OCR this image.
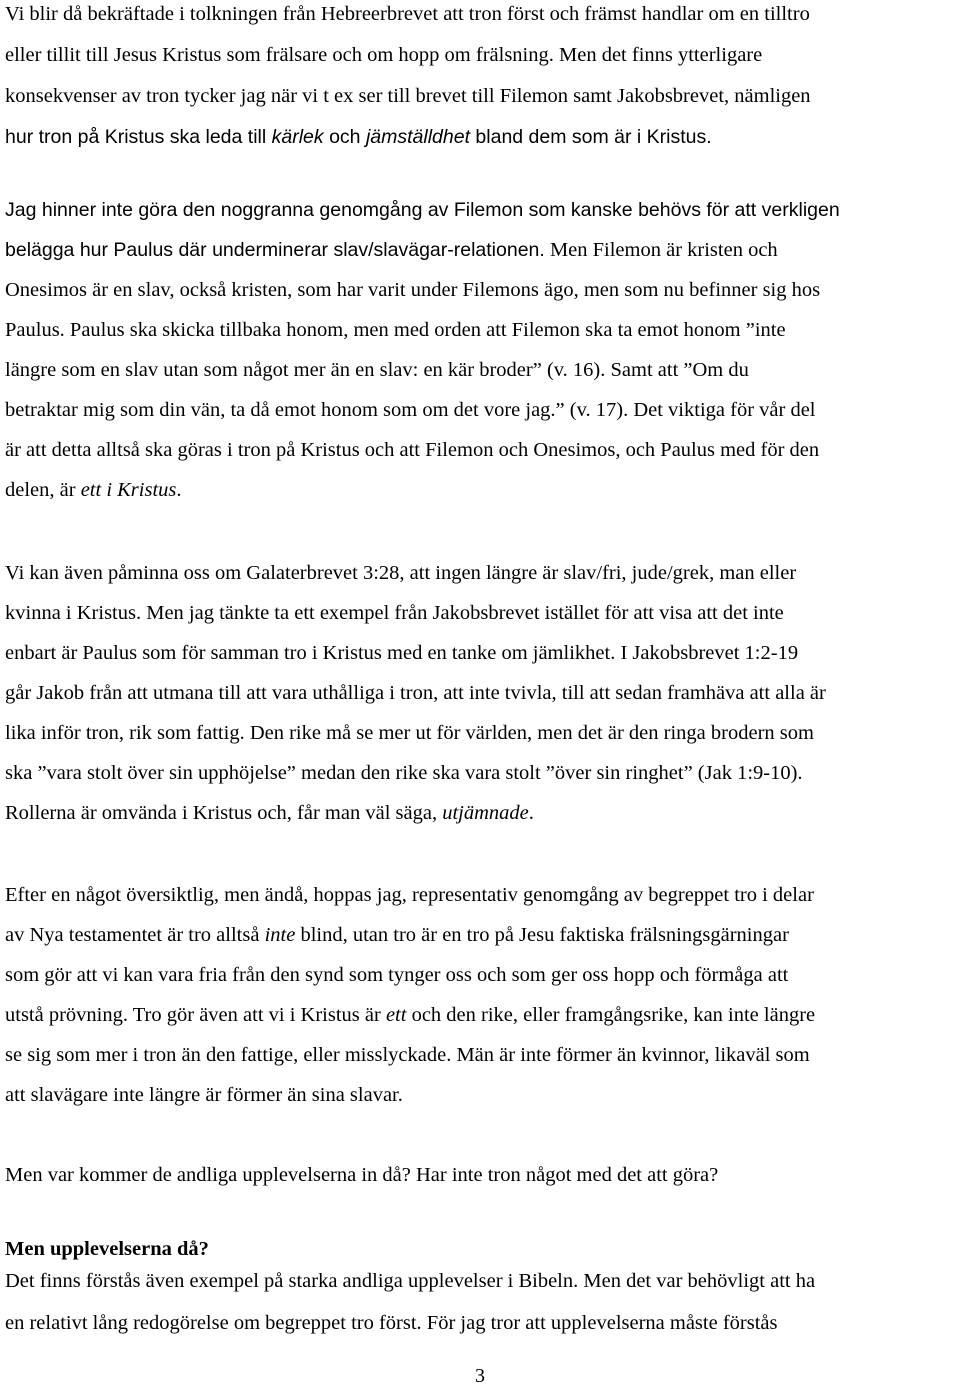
Vi blir då bekräftade i tolkningen från Hebreerbrevet att tron först och främst handlar om en tilltro
eller tillit till Jesus Kristus som frälsare och om hopp om frälsning. Men det finns ytterligare
konsekvenser av tron tycker jag när vi t ex ser till brevet till Filemon samt Jakobsbrevet, nämligen
hur tron på Kristus ska leda till kärlek och jämställdhet bland dem som är i Kristus.
Jag hinner inte göra den noggranna genomgång av Filemon som kanske behövs för att verkligen
belägga hur Paulus där underminerar slav/slavägar-relationen. Men Filemon är kristen och
Onesimos är en slav, också kristen, som har varit under Filemons ägo, men som nu befinner sig hos
Paulus. Paulus ska skicka tillbaka honom, men med orden att Filemon ska ta emot honom ”inte
längre som en slav utan som något mer än en slav: en kär broder” (v. 16). Samt att ”Om du
betraktar mig som din vän, ta då emot honom som om det vore jag.” (v. 17). Det viktiga för vår del
är att detta alltså ska göras i tron på Kristus och att Filemon och Onesimos, och Paulus med för den
delen, är ett i Kristus.
Vi kan även påminna oss om Galaterbrevet 3:28, att ingen längre är slav/fri, jude/grek, man eller
kvinna i Kristus. Men jag tänkte ta ett exempel från Jakobsbrevet istället för att visa att det inte
enbart är Paulus som för samman tro i Kristus med en tanke om jämlikhet. I Jakobsbrevet 1:2-19
går Jakob från att utmana till att vara uthålliga i tron, att inte tvivla, till att sedan framhäva att alla är
lika inför tron, rik som fattig. Den rike må se mer ut för världen, men det är den ringa brodern som
ska ”vara stolt över sin upphöjelse” medan den rike ska vara stolt ”över sin ringhet” (Jak 1:9-10).
Rollerna är omvända i Kristus och, får man väl säga, utjämnade.
Efter en något översiktlig, men ändå, hoppas jag, representativ genomgång av begreppet tro i delar
av Nya testamentet är tro alltså inte blind, utan tro är en tro på Jesu faktiska frälsningsgärningar
som gör att vi kan vara fria från den synd som tynger oss och som ger oss hopp och förmåga att
utstå prövning. Tro gör även att vi i Kristus är ett och den rike, eller framgångsrike, kan inte längre
se sig som mer i tron än den fattige, eller misslyckade. Män är inte förmer än kvinnor, likaväl som
att slavägare inte längre är förmer än sina slavar.
Men var kommer de andliga upplevelserna in då? Har inte tron något med det att göra?
Men upplevelserna då?
Det finns förstås även exempel på starka andliga upplevelser i Bibeln. Men det var behövligt att ha
en relativt lång redogörelse om begreppet tro först. För jag tror att upplevelserna måste förstås
3
